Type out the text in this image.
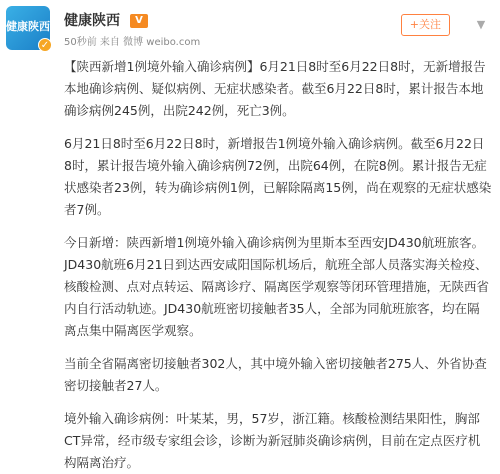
健康陕西
✓
健康陕西	V
50秒前 来自 微博 weibo.com
+关注	▼

【陕西新增1例境外输入确诊病例】6月21日8时至6月22日8时，无新增报告本地确诊病例、疑似病例、无症状感染者。截至6月22日8时，累计报告本地确诊病例245例，出院242例，死亡3例。

6月21日8时至6月22日8时，新增报告1例境外输入确诊病例。截至6月22日8时，累计报告境外输入确诊病例72例，出院64例，在院8例。累计报告无症状感染者23例，转为确诊病例1例，已解除隔离15例，尚在观察的无症状感染者7例。

今日新增：陕西新增1例境外输入确诊病例为里斯本至西安JD430航班旅客。JD430航班6月21日到达西安咸阳国际机场后，航班全部人员落实海关检疫、核酸检测、点对点转运、隔离诊疗、隔离医学观察等闭环管理措施，无陕西省内自行活动轨迹。JD430航班密切接触者35人，全部为同航班旅客，均在隔离点集中隔离医学观察。

当前全省隔离密切接触者302人，其中境外输入密切接触者275人、外省协查密切接触者27人。

境外输入确诊病例：叶某某，男，57岁，浙江籍。核酸检测结果阳性，胸部CT异常，经市级专家组会诊，诊断为新冠肺炎确诊病例，目前在定点医疗机构隔离治疗。
